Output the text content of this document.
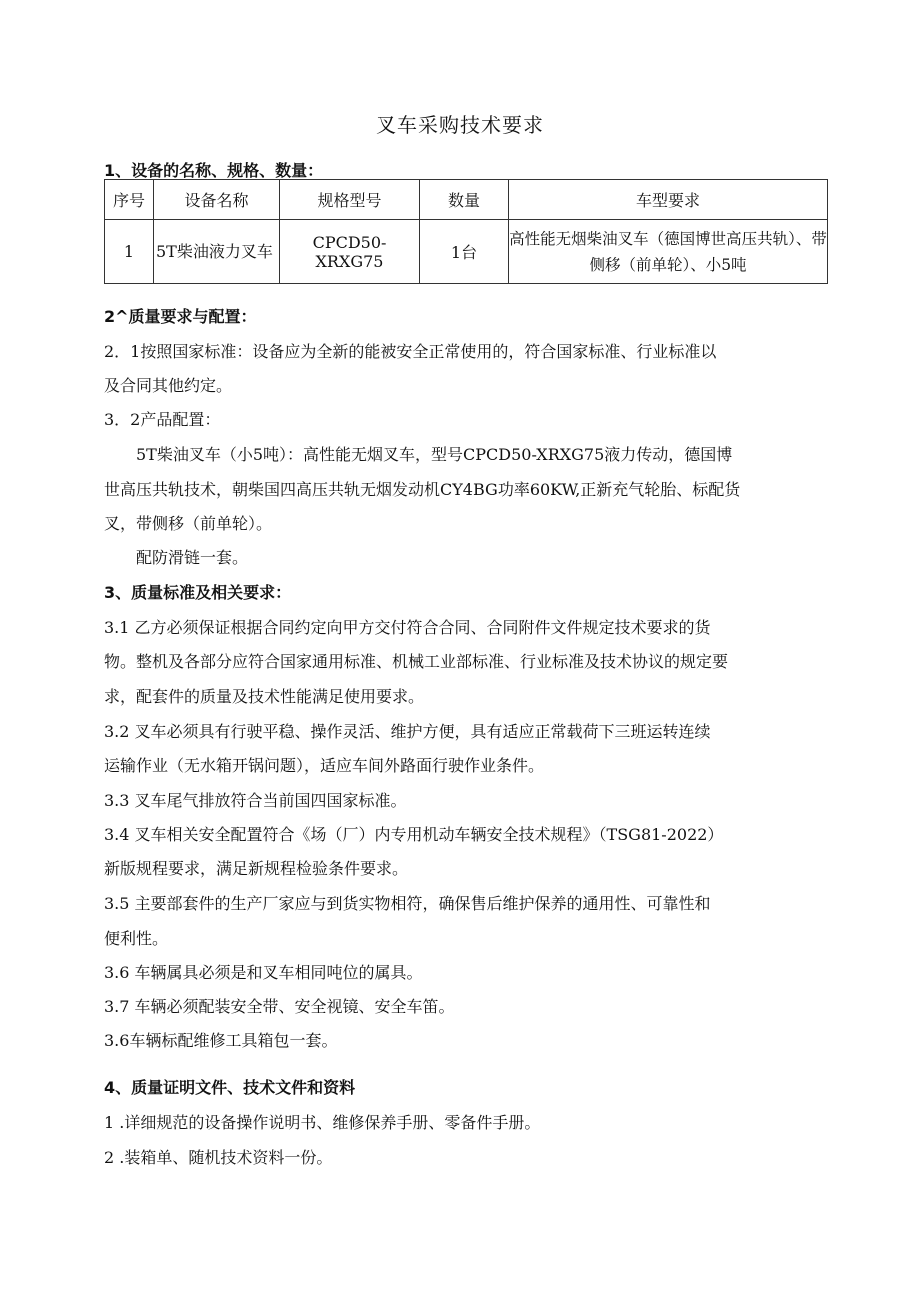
叉车采购技术要求
1、设备的名称、规格、数量：
序号	设备名称	规格型号	数量	车型要求
1	5T柴油液力叉车	CPCD50-XRXG75	1台	高性能无烟柴油叉车（德国博世高压共轨）、带侧移（前单轮）、小5吨
2^质量要求与配置：
2．1按照国家标准：设备应为全新的能被安全正常使用的，符合国家标准、行业标准以
及合同其他约定。
3．2产品配置：
5T柴油叉车（小5吨）：高性能无烟叉车，型号CPCD50-XRXG75液力传动，德国博
世高压共轨技术，朝柴国四高压共轨无烟发动机CY4BG功率60KW,正新充气轮胎、标配货
叉，带侧移（前单轮）。
配防滑链一套。
3、质量标准及相关要求：
3.1 乙方必须保证根据合同约定向甲方交付符合合同、合同附件文件规定技术要求的货
物。整机及各部分应符合国家通用标准、机械工业部标准、行业标准及技术协议的规定要
求，配套件的质量及技术性能满足使用要求。
3.2 叉车必须具有行驶平稳、操作灵活、维护方便，具有适应正常载荷下三班运转连续
运输作业（无水箱开锅问题），适应车间外路面行驶作业条件。
3.3 叉车尾气排放符合当前国四国家标准。
3.4 叉车相关安全配置符合《场（厂）内专用机动车辆安全技术规程》（TSG81-2022）
新版规程要求，满足新规程检验条件要求。
3.5 主要部套件的生产厂家应与到货实物相符，确保售后维护保养的通用性、可靠性和
便利性。
3.6 车辆属具必须是和叉车相同吨位的属具。
3.7 车辆必须配装安全带、安全视镜、安全车笛。
3.6车辆标配维修工具箱包一套。
4、质量证明文件、技术文件和资料
1 .详细规范的设备操作说明书、维修保养手册、零备件手册。
2 .装箱单、随机技术资料一份。
